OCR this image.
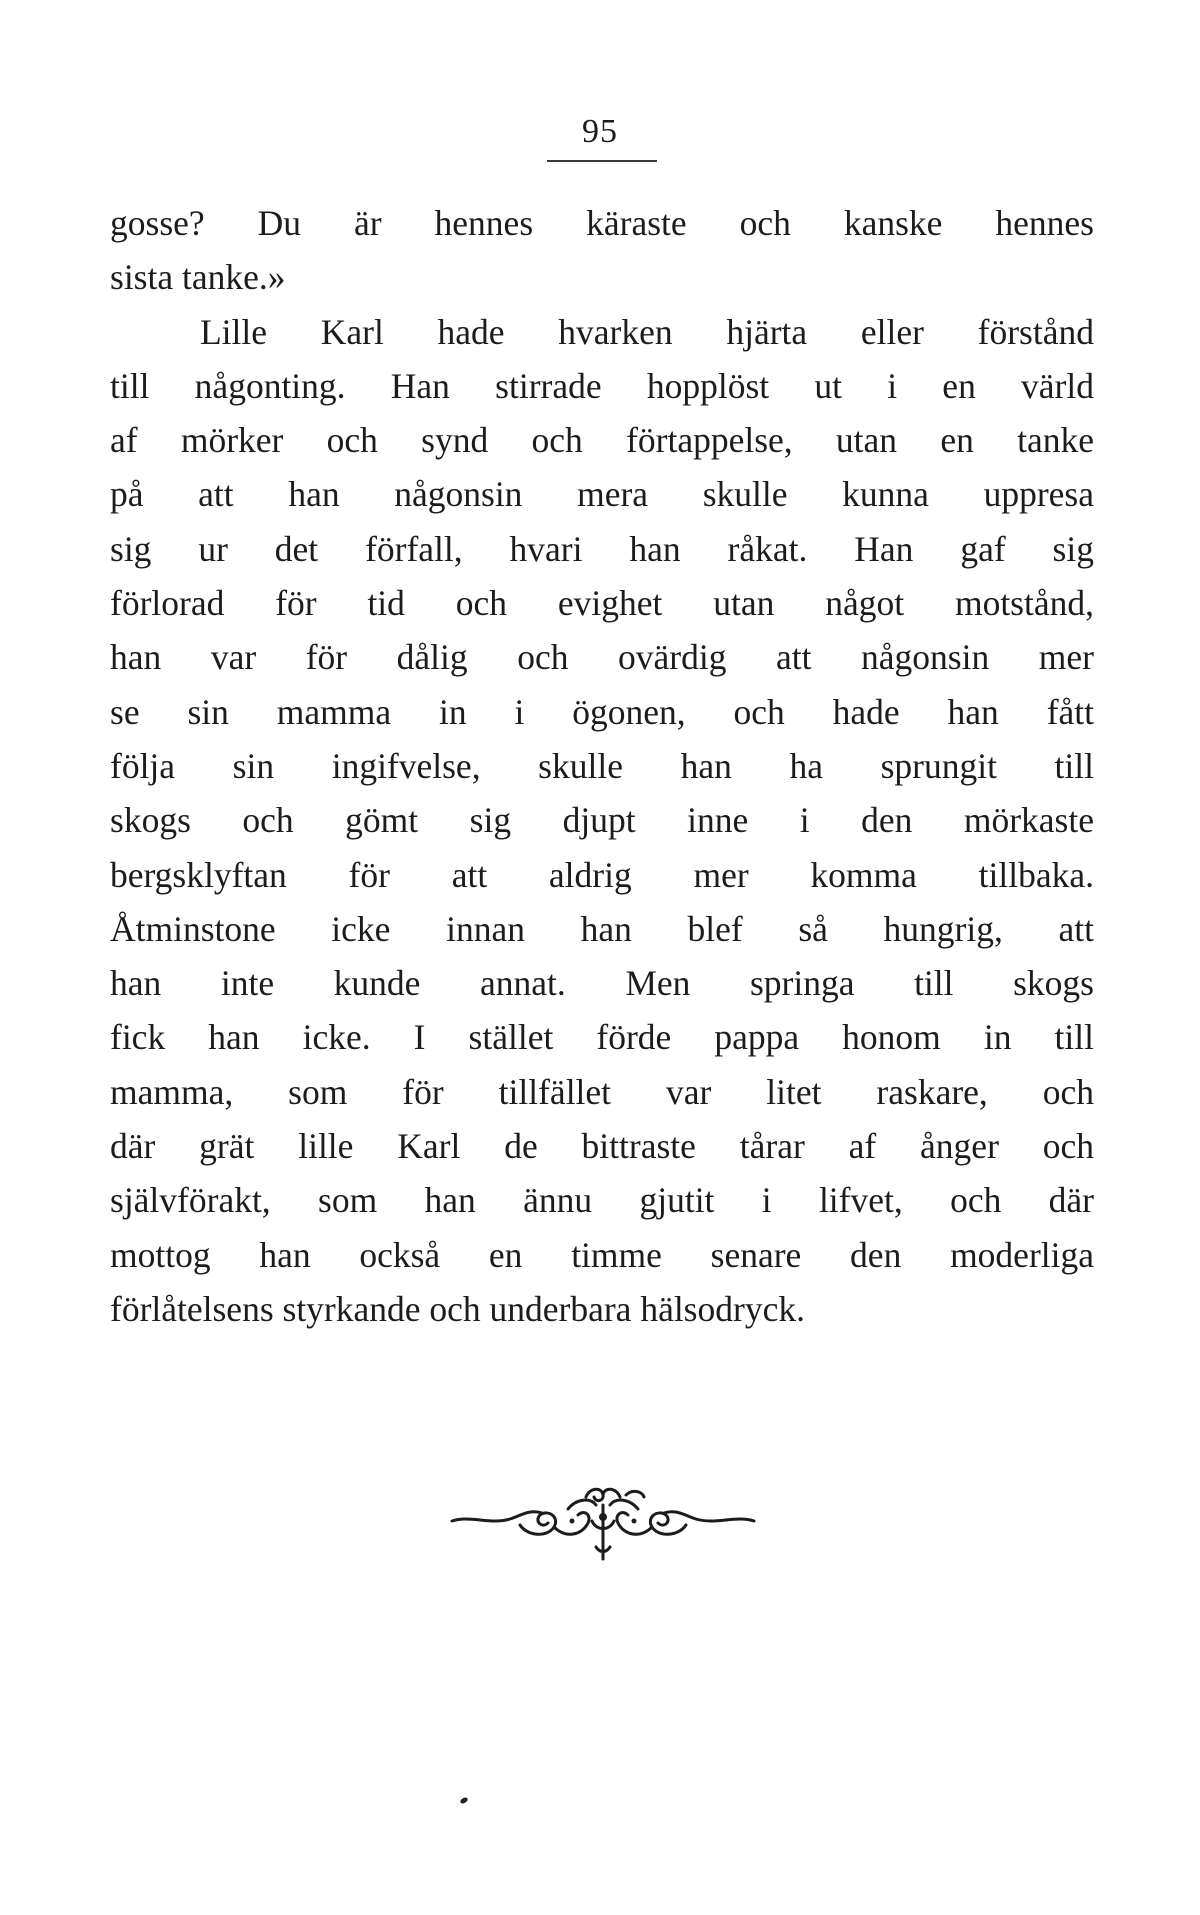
95
gosse? Du är hennes käraste och kanske hennes
sista tanke.»
Lille Karl hade hvarken hjärta eller förstånd
till någonting. Han stirrade hopplöst ut i en värld
af mörker och synd och förtappelse, utan en tanke
på att han någonsin mera skulle kunna uppresa
sig ur det förfall, hvari han råkat. Han gaf sig
förlorad för tid och evighet utan något motstånd,
han var för dålig och ovärdig att någonsin mer
se sin mamma in i ögonen, och hade han fått
följa sin ingifvelse, skulle han ha sprungit till
skogs och gömt sig djupt inne i den mörkaste
bergsklyftan för att aldrig mer komma tillbaka.
Åtminstone icke innan han blef så hungrig, att
han inte kunde annat. Men springa till skogs
fick han icke. I stället förde pappa honom in till
mamma, som för tillfället var litet raskare, och
där grät lille Karl de bittraste tårar af ånger och
självförakt, som han ännu gjutit i lifvet, och där
mottog han också en timme senare den moderliga
förlåtelsens styrkande och underbara hälsodryck.
